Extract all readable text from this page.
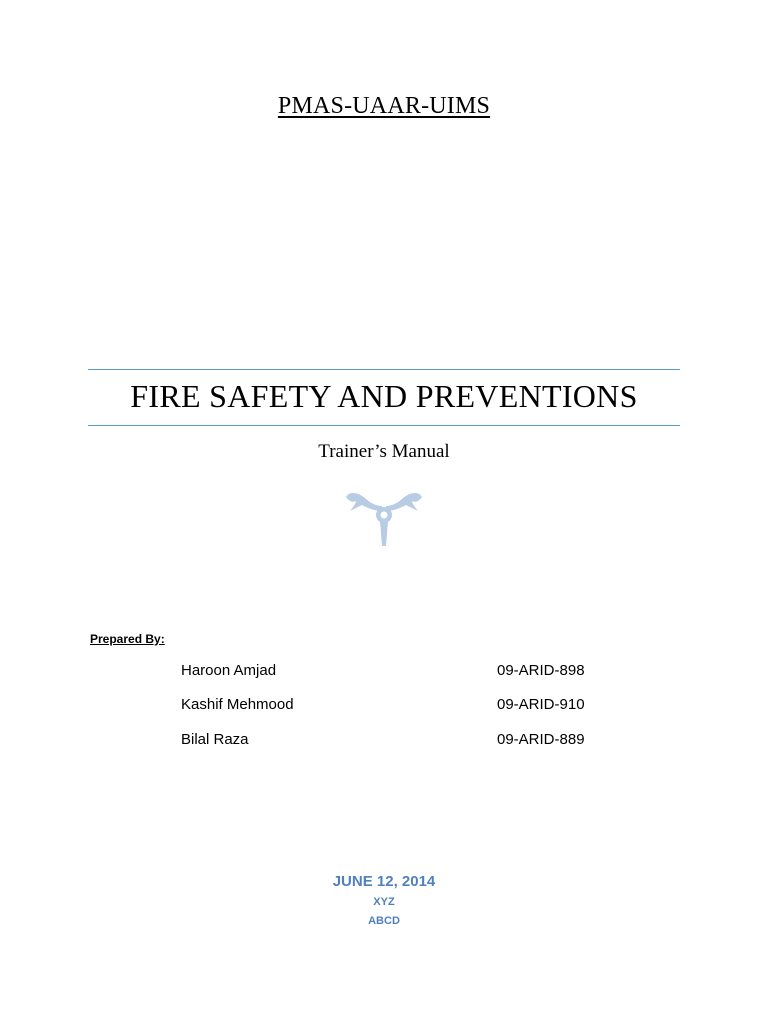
PMAS-UAAR-UIMS
FIRE SAFETY AND PREVENTIONS
Trainer’s Manual
Prepared By:
Haroon Amjad	09-ARID-898
Kashif Mehmood	09-ARID-910
Bilal Raza	09-ARID-889
JUNE 12, 2014
XYZ
ABCD
